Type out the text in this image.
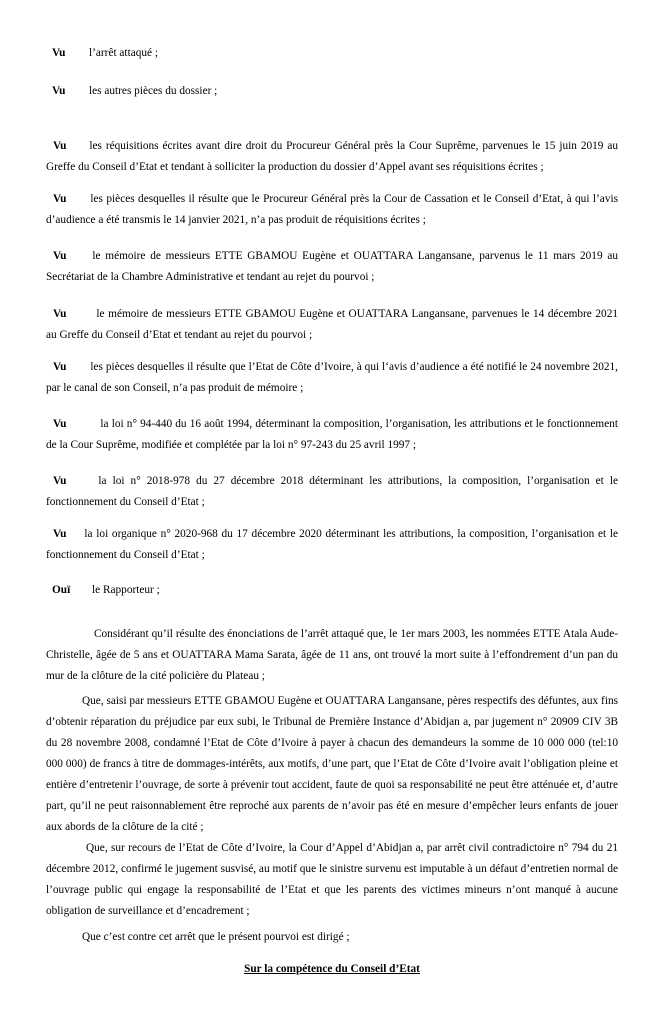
Vu l’arrêt attaqué ;
Vu les autres pièces du dossier ;
Vu les réquisitions écrites avant dire droit du Procureur Général près la Cour Suprême, parvenues le 15 juin 2019 au Greffe du Conseil d’Etat et tendant à solliciter la production du dossier d’Appel avant ses réquisitions écrites ;
Vu les pièces desquelles il résulte que le Procureur Général près la Cour de Cassation et le Conseil d’Etat, à qui l’avis d’audience a été transmis le 14 janvier 2021, n’a pas produit de réquisitions écrites ;
Vu le mémoire de messieurs ETTE GBAMOU Eugène et OUATTARA Langansane, parvenus le 11 mars 2019 au Secrétariat de la Chambre Administrative et tendant au rejet du pourvoi ;
Vu	le mémoire de messieurs ETTE GBAMOU Eugène et OUATTARA Langansane, parvenues le 14 décembre 2021 au Greffe du Conseil d’Etat et tendant au rejet du pourvoi ;
Vu les pièces desquelles il résulte que l’Etat de Côte d’Ivoire, à qui l‘avis d’audience a été notifié le 24 novembre 2021, par le canal de son Conseil, n’a pas produit de mémoire ;
Vu	la loi n° 94-440 du 16 août 1994, déterminant la composition, l’organisation, les attributions et le fonctionnement de la Cour Suprême, modifiée et complétée par la loi n° 97-243 du 25 avril 1997 ;
Vu	la loi n° 2018-978 du 27 décembre 2018 déterminant les attributions, la composition, l’organisation et le fonctionnement du Conseil d’Etat ;
Vu la loi organique n° 2020-968 du 17 décembre 2020 déterminant les attributions, la composition, l’organisation et le fonctionnement du Conseil d’Etat ;
Ouï le Rapporteur ;
Considérant qu’il résulte des énonciations de l’arrêt attaqué que, le 1er mars 2003, les nommées ETTE Atala Aude-Christelle, âgée de 5 ans et OUATTARA Mama Sarata, âgée de 11 ans, ont trouvé la mort suite à l’effondrement d’un pan du mur de la clôture de la cité policière du Plateau ;
Que, saisi par messieurs ETTE GBAMOU Eugène et OUATTARA Langansane, pères respectifs des défuntes, aux fins d’obtenir réparation du préjudice par eux subi, le Tribunal de Première Instance d’Abidjan a, par jugement n° 20909 CIV 3B du 28 novembre 2008, condamné l’Etat de Côte d’Ivoire à payer à chacun des demandeurs la somme de 10 000 000 (tel:10 000 000) de francs à titre de dommages-intérêts, aux motifs, d’une part, que l’Etat de Côte d’Ivoire avait l’obligation pleine et entière d’entretenir l’ouvrage, de sorte à prévenir tout accident, faute de quoi sa responsabilité ne peut être atténuée et, d’autre part, qu’il ne peut raisonnablement être reproché aux parents de n’avoir pas été en mesure d’empêcher leurs enfants de jouer aux abords de la clôture de la cité ;
Que, sur recours de l’Etat de Côte d’Ivoire, la Cour d’Appel d’Abidjan a, par arrêt civil contradictoire n° 794 du 21 décembre 2012, confirmé le jugement susvisé, au motif que le sinistre survenu est imputable à un défaut d’entretien normal de l’ouvrage public qui engage la responsabilité de l’Etat et que les parents des victimes mineurs n’ont manqué à aucune obligation de surveillance et d’encadrement ;
Que c’est contre cet arrêt que le présent pourvoi est dirigé ;
Sur la compétence du Conseil d’Etat
